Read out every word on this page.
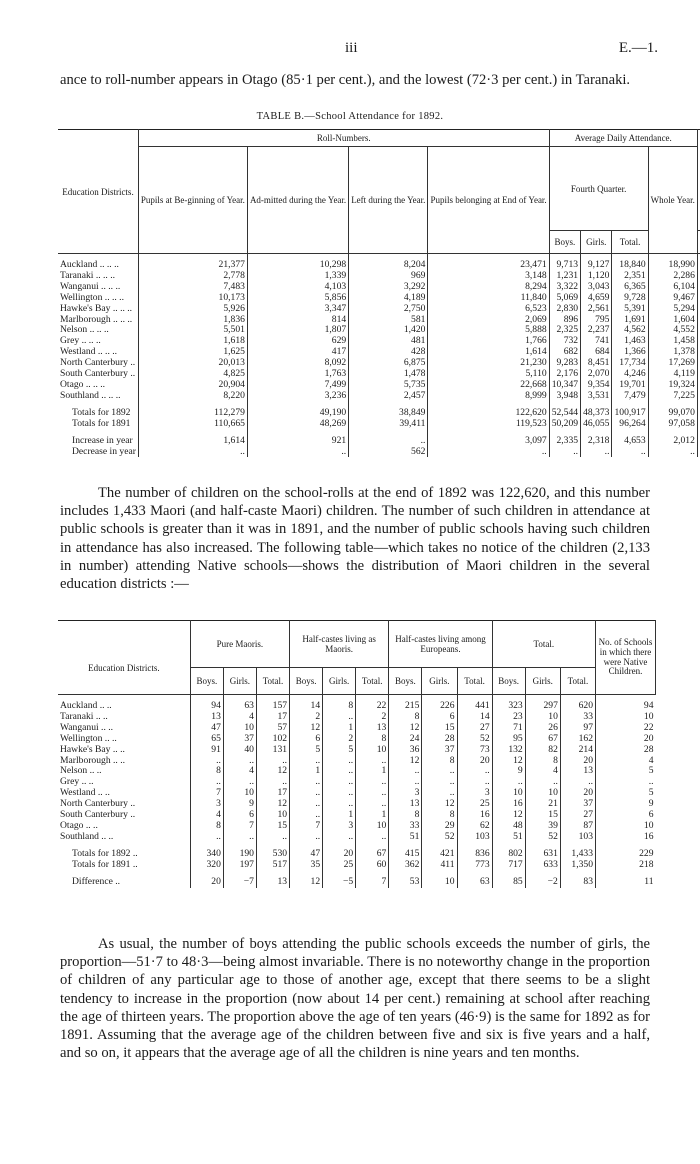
iii	E.—1.

ance to roll-number appears in Otago (85·1 per cent.), and the lowest (72·3 per cent.) in Taranaki.

TABLE B.—School Attendance for 1892.
Education Districts.	Roll-Numbers.				Average Daily Attendance.	

	Pupils at Be-ginning of Year.	Ad-mitted during the Year.	Left during the Year.	Pupils belonging at End of Year.	Fourth Quarter.			Whole Year.		
					Boys.	Girls.	Total.		
Auckland .. .. ..	21,377	10,298	8,204	23,471	9,713	9,127	18,840	18,990		
Taranaki .. .. ..	2,778	1,339	969	3,148	1,231	1,120	2,351	2,286		
Wanganui .. .. ..	7,483	4,103	3,292	8,294	3,322	3,043	6,365	6,104		
Wellington .. .. ..	10,173	5,856	4,189	11,840	5,069	4,659	9,728	9,467		
Hawke's Bay .. .. ..	5,926	3,347	2,750	6,523	2,830	2,561	5,391	5,294		
Marlborough .. .. ..	1,836	814	581	2,069	896	795	1,691	1,604		
Nelson .. .. ..	5,501	1,807	1,420	5,888	2,325	2,237	4,562	4,552		
Grey .. .. ..	1,618	629	481	1,766	732	741	1,463	1,458		
Westland .. .. ..	1,625	417	428	1,614	682	684	1,366	1,378		
North Canterbury ..	20,013	8,092	6,875	21,230	9,283	8,451	17,734	17,269		
South Canterbury ..	4,825	1,763	1,478	5,110	2,176	2,070	4,246	4,119		
Otago .. .. ..	20,904	7,499	5,735	22,668	10,347	9,354	19,701	19,324		
Southland .. .. ..	8,220	3,236	2,457	8,999	3,948	3,531	7,479	7,225		
Totals for 1892	112,279	49,190	38,849	122,620	52,544	48,373	100,917	99,070		
Totals for 1891	110,665	48,269	39,411	119,523	50,209	46,055	96,264	97,058		
Increase in year	1,614	921	..	3,097	2,335	2,318	4,653	2,012		
Decrease in year	..	..	562	..	..	..	..	..		

The number of children on the school-rolls at the end of 1892 was 122,620, and this number includes 1,433 Maori (and half-caste Maori) children. The number of such children in attendance at public schools is greater than it was in 1891, and the number of public schools having such children in attendance has also increased. The following table—which takes no notice of the children (2,133 in number) attending Native schools—shows the distribution of Maori children in the several education districts :—

Education Districts.	Pure Maoris.			Half-castes living as Maoris.			Half-castes living among Europeans.			Total.			No. of Schools in which there were Native Children.
	Boys.	Girls.	Total.	Boys.	Girls.	Total.	Boys.	Girls.	Total.	Boys.	Girls.	Total.	
Auckland .. ..	94	63	157	14	8	22	215	226	441	323	297	620	94
Taranaki .. ..	13	4	17	2	..	2	8	6	14	23	10	33	10
Wanganui .. ..	47	10	57	12	1	13	12	15	27	71	26	97	22
Wellington .. ..	65	37	102	6	2	8	24	28	52	95	67	162	20
Hawke's Bay .. ..	91	40	131	5	5	10	36	37	73	132	82	214	28
Marlborough .. ..	..	..	..	..	..	..	12	8	20	12	8	20	4
Nelson .. ..	8	4	12	1	..	1	..	..	..	9	4	13	5
Grey .. ..	..	..	..	..	..	..	..	..	..	..	..	..	..
Westland .. ..	7	10	17	..	..	..	3	..	3	10	10	20	5
North Canterbury ..	3	9	12	..	..	..	13	12	25	16	21	37	9
South Canterbury ..	4	6	10	..	1	1	8	8	16	12	15	27	6
Otago .. ..	8	7	15	7	3	10	33	29	62	48	39	87	10
Southland .. ..	..	..	..	..	..	..	51	52	103	51	52	103	16
Totals for 1892 ..	340	190	530	47	20	67	415	421	836	802	631	1,433	229
Totals for 1891 ..	320	197	517	35	25	60	362	411	773	717	633	1,350	218
Difference ..	20	−7	13	12	−5	7	53	10	63	85	−2	83	11

As usual, the number of boys attending the public schools exceeds the number of girls, the proportion—51·7 to 48·3—being almost invariable. There is no noteworthy change in the proportion of children of any particular age to those of another age, except that there seems to be a slight tendency to increase in the proportion (now about 14 per cent.) remaining at school after reaching the age of thirteen years. The proportion above the age of ten years (46·9) is the same for 1892 as for 1891. Assuming that the average age of the children between five and six is five years and a half, and so on, it appears that the average age of all the children is nine years and ten months.
